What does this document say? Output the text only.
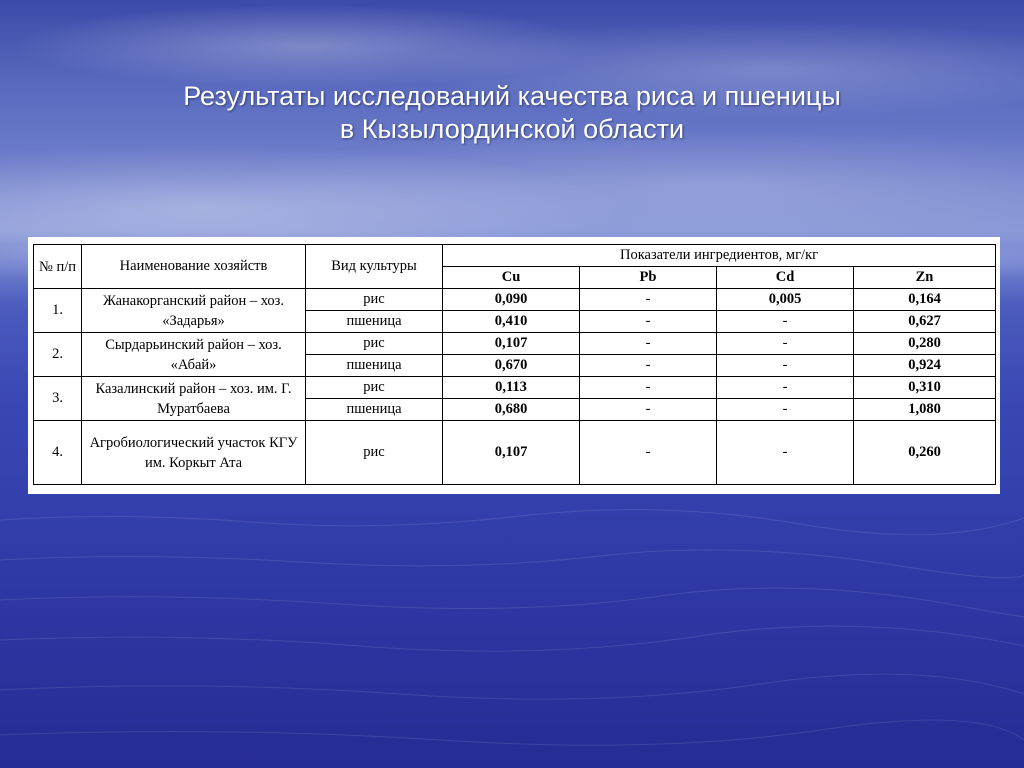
Результаты исследований качества риса и пшеницы
в Кызылординской области
№ п/п	Наименование хозяйств	Вид культуры	Показатели ингредиентов, мг/кг			
			Cu	Pb	Cd	Zn
1.	Жанакорганский район – хоз. «Задарья»	рис	0,090	-	0,005	0,164
		пшеница	0,410	-	-	0,627
2.	Сырдарьинский район – хоз. «Абай»	рис	0,107	-	-	0,280
		пшеница	0,670	-	-	0,924
3.	Казалинский район – хоз. им. Г. Муратбаева	рис	0,113	-	-	0,310
		пшеница	0,680	-	-	1,080
4.	Агробиологический участок КГУ им. Коркыт Ата	рис	0,107	-	-	0,260
